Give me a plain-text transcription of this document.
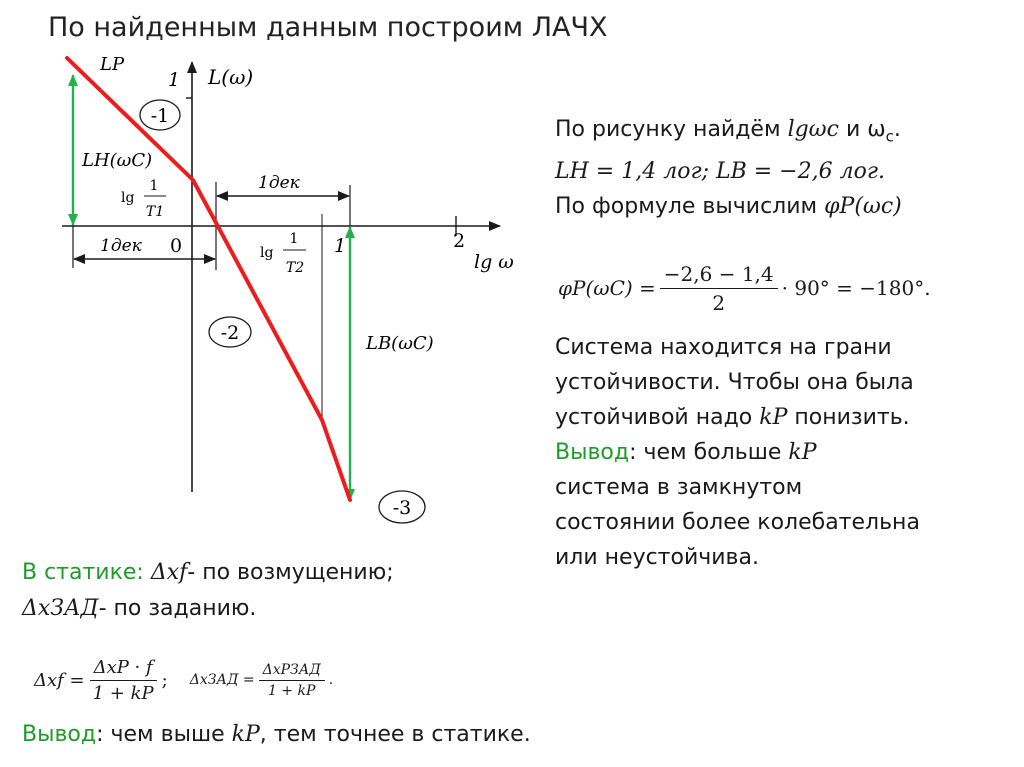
По найденным данным построим ЛАЧХ
-1
-2
-3
L(ω)
lg ω
LP
1
0	1	2
1дек
1дек
lg
1
T1
lg
1
T2
LH(ωC)
LB(ωC)
По рисунку найдём lgωc и $\omega_c$.
LН = 1,4 лог; LВ = −2,6 лог.
По формуле вычислим φP(ωc)
$\varphi P(\omega C) = \frac{-2,6 - 1,4}{2} \cdot 90^\circ = -180^\circ$.
Система находится на грани
устойчивости. Чтобы она была
устойчивой надо kP понизить.
Вывод: чем больше kP
система в замкнутом
состоянии более колебательна
или неустойчива.
В статике: Δxf- по возмущению;
ΔxЗАД- по заданию.
$\Delta xf = \frac{\text{ΔxP · f}}{1 + kP}$ ; ΔxЗАД = $\frac{\text{ΔxPЗАД}}{1 + kP}$ .
Вывод: чем выше kP, тем точнее в статике.
